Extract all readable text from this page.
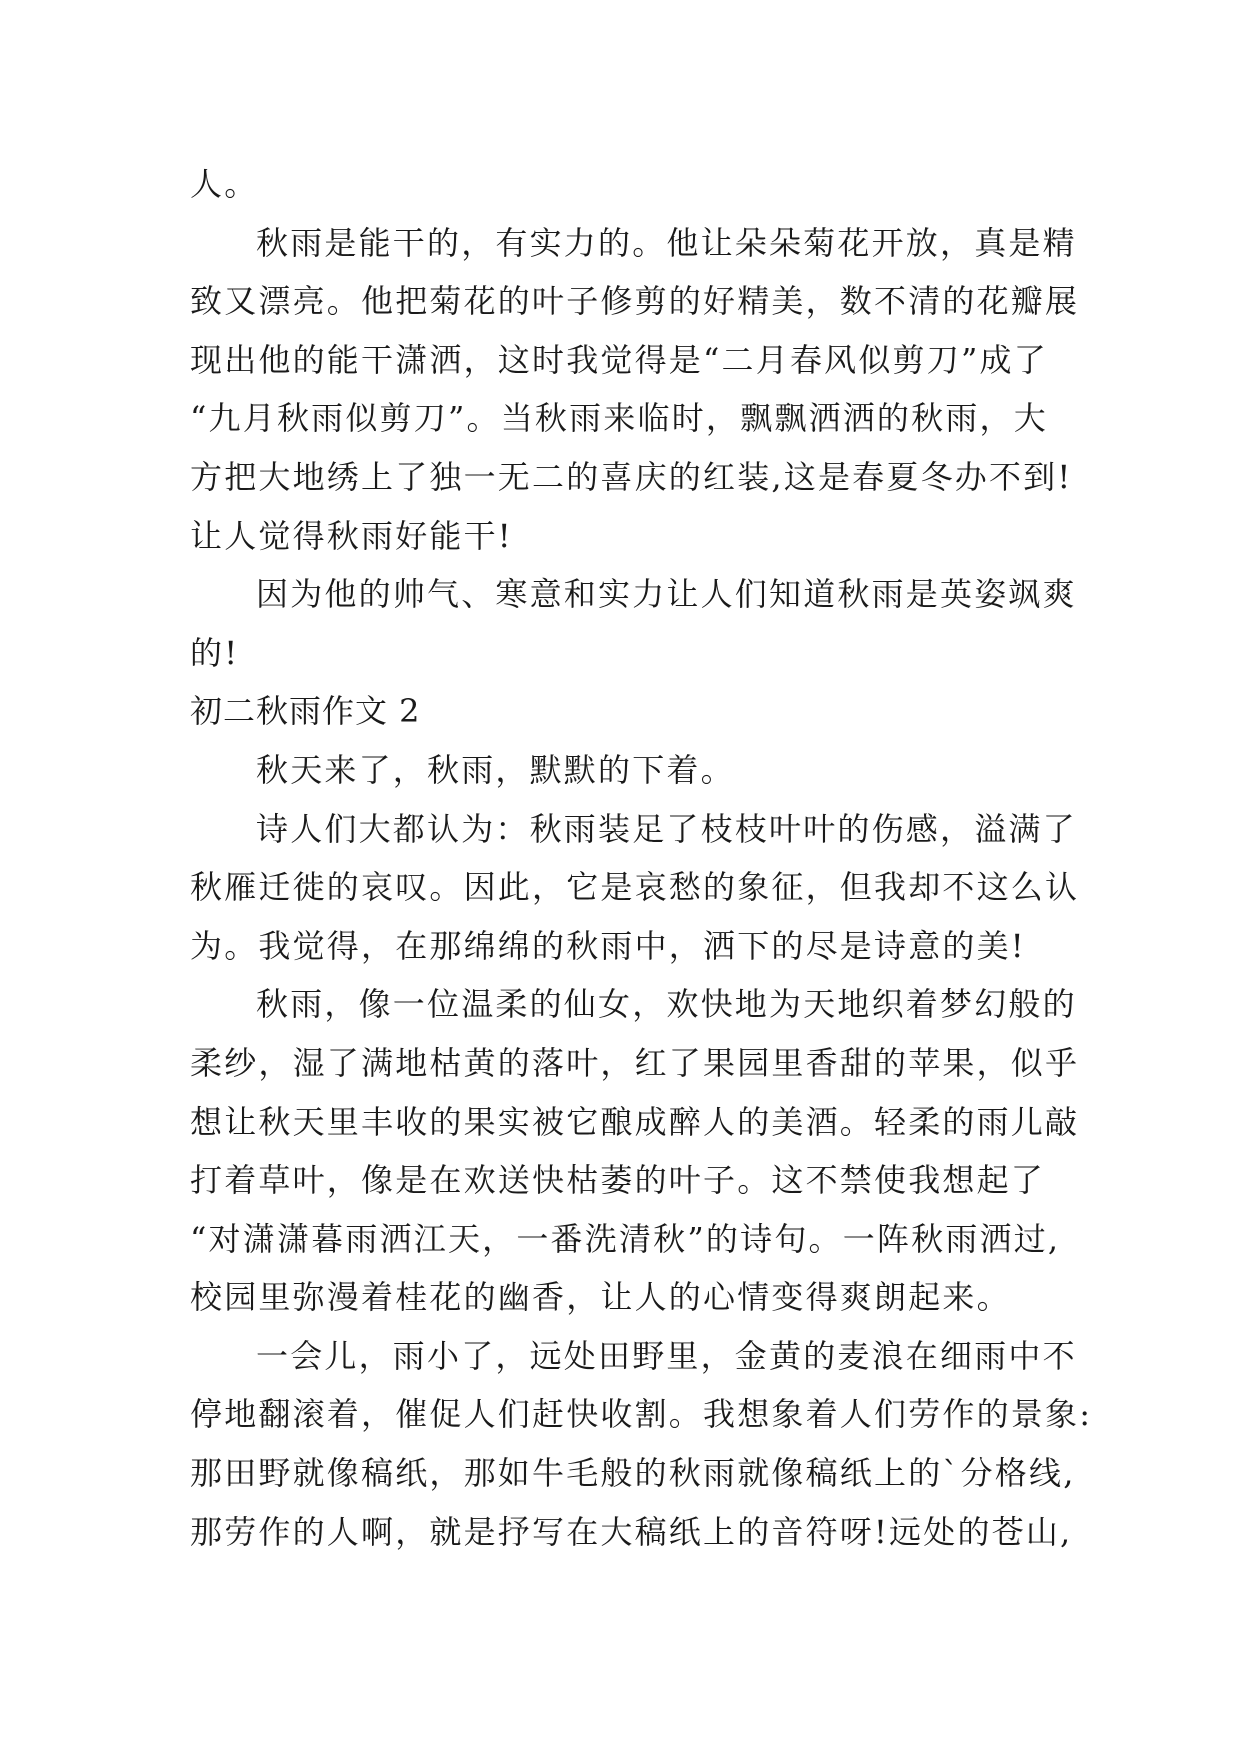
人。
秋雨是能干的，有实力的。他让朵朵菊花开放，真是精
致又漂亮。他把菊花的叶子修剪的好精美，数不清的花瓣展
现出他的能干潇洒，这时我觉得是“二月春风似剪刀”成了
“九月秋雨似剪刀”。当秋雨来临时，飘飘洒洒的秋雨，大
方把大地绣上了独一无二的喜庆的红装,这是春夏冬办不到!
让人觉得秋雨好能干!
因为他的帅气、寒意和实力让人们知道秋雨是英姿飒爽
的!
初二秋雨作文 2
秋天来了，秋雨，默默的下着。
诗人们大都认为：秋雨装足了枝枝叶叶的伤感，溢满了
秋雁迁徙的哀叹。因此，它是哀愁的象征，但我却不这么认
为。我觉得，在那绵绵的秋雨中，洒下的尽是诗意的美!
秋雨，像一位温柔的仙女，欢快地为天地织着梦幻般的
柔纱，湿了满地枯黄的落叶，红了果园里香甜的苹果，似乎
想让秋天里丰收的果实被它酿成醉人的美酒。轻柔的雨儿敲
打着草叶，像是在欢送快枯萎的叶子。这不禁使我想起了
“对潇潇暮雨洒江天，一番洗清秋”的诗句。一阵秋雨洒过,
校园里弥漫着桂花的幽香，让人的心情变得爽朗起来。
一会儿，雨小了，远处田野里，金黄的麦浪在细雨中不
停地翻滚着，催促人们赶快收割。我想象着人们劳作的景象:
那田野就像稿纸，那如牛毛般的秋雨就像稿纸上的`分格线,
那劳作的人啊，就是抒写在大稿纸上的音符呀!远处的苍山,
